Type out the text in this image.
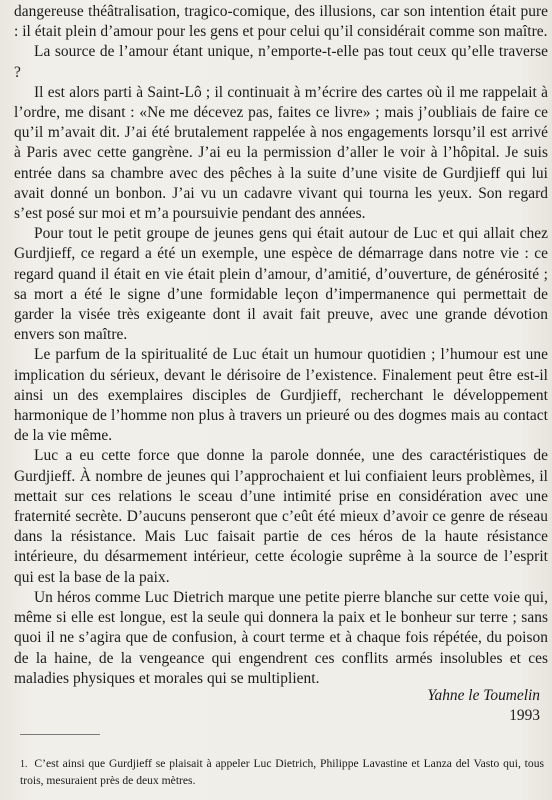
dangereuse théâtralisation, tragico-comique, des illusions, car son intention était pure : il était plein d’amour pour les gens et pour celui qu’il considérait comme son maître.

La source de l’amour étant unique, n’emporte-t-elle pas tout ceux qu’elle traverse ?

Il est alors parti à Saint-Lô ; il continuait à m’écrire des cartes où il me rappelait à l’ordre, me disant : «Ne me décevez pas, faites ce livre» ; mais j’oubliais de faire ce qu’il m’avait dit. J’ai été brutalement rappelée à nos engagements lorsqu’il est arrivé à Paris avec cette gangrène. J’ai eu la permission d’aller le voir à l’hôpital. Je suis entrée dans sa chambre avec des pêches à la suite d’une visite de Gurdjieff qui lui avait donné un bonbon. J’ai vu un cadavre vivant qui tourna les yeux. Son regard s’est posé sur moi et m’a poursuivie pendant des années.

Pour tout le petit groupe de jeunes gens qui était autour de Luc et qui allait chez Gurdjieff, ce regard a été un exemple, une espèce de démarrage dans notre vie : ce regard quand il était en vie était plein d’amour, d’amitié, d’ouverture, de générosité ; sa mort a été le signe d’une formidable leçon d’impermanence qui permettait de garder la visée très exigeante dont il avait fait preuve, avec une grande dévotion envers son maître.

Le parfum de la spiritualité de Luc était un humour quotidien ; l’humour est une implication du sérieux, devant le dérisoire de l’existence. Finalement peut être est-il ainsi un des exemplaires disciples de Gurdjieff, recherchant le développement harmonique de l’homme non plus à travers un prieuré ou des dogmes mais au contact de la vie même.

Luc a eu cette force que donne la parole donnée, une des caractéristiques de Gurdjieff. À nombre de jeunes qui l’approchaient et lui confiaient leurs problèmes, il mettait sur ces relations le sceau d’une intimité prise en considération avec une fraternité secrète. D’aucuns penseront que c’eût été mieux d’avoir ce genre de réseau dans la résistance. Mais Luc faisait partie de ces héros de la haute résistance intérieure, du désarmement intérieur, cette écologie suprême à la source de l’esprit qui est la base de la paix.

Un héros comme Luc Dietrich marque une petite pierre blanche sur cette voie qui, même si elle est longue, est la seule qui donnera la paix et le bonheur sur terre ; sans quoi il ne s’agira que de confusion, à court terme et à chaque fois répétée, du poison de la haine, de la vengeance qui engendrent ces conflits armés insolubles et ces maladies physiques et morales qui se multiplient.

Yahne le Toumelin
1993
1. C’est ainsi que Gurdjieff se plaisait à appeler Luc Dietrich, Philippe Lavastine et Lanza del Vasto qui, tous trois, mesuraient près de deux mètres.
